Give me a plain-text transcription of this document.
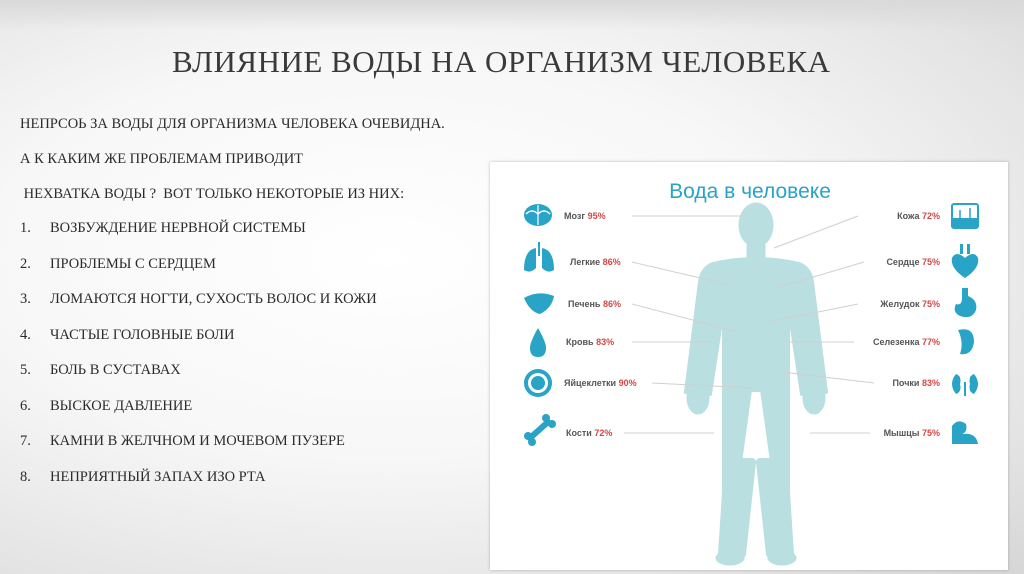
ВЛИЯНИЕ ВОДЫ НА ОРГАНИЗМ ЧЕЛОВЕКА
НЕПРСОЬ ЗА ВОДЫ ДЛЯ ОРГАНИЗМА ЧЕЛОВЕКА ОЧЕВИДНА.
А К КАКИМ ЖЕ ПРОБЛЕМАМ ПРИВОДИТ
НЕХВАТКА ВОДЫ ?  ВОТ ТОЛЬКО НЕКОТОРЫЕ ИЗ НИХ:
1.	ВОЗБУЖДЕНИЕ НЕРВНОЙ СИСТЕМЫ
2.	ПРОБЛЕМЫ С СЕРДЦЕМ
3.	ЛОМАЮТСЯ НОГТИ, СУХОСТЬ ВОЛОС И КОЖИ
4.	ЧАСТЫЕ ГОЛОВНЫЕ БОЛИ
5.	БОЛЬ В СУСТАВАХ
6.	ВЫСКОЕ ДАВЛЕНИЕ
7.	КАМНИ В ЖЕЛЧНОМ И МОЧЕВОМ ПУЗЕРЕ
8.	НЕПРИЯТНЫЙ ЗАПАХ ИЗО РТА
Вода в человеке
Мозг 95%
Легкие 86%
Печень 86%
Кровь 83%
Яйцеклетки 90%
Кости 72%
Кожа 72%
Сердце 75%
Желудок 75%
Селезенка 77%
Почки 83%
Мышцы 75%
